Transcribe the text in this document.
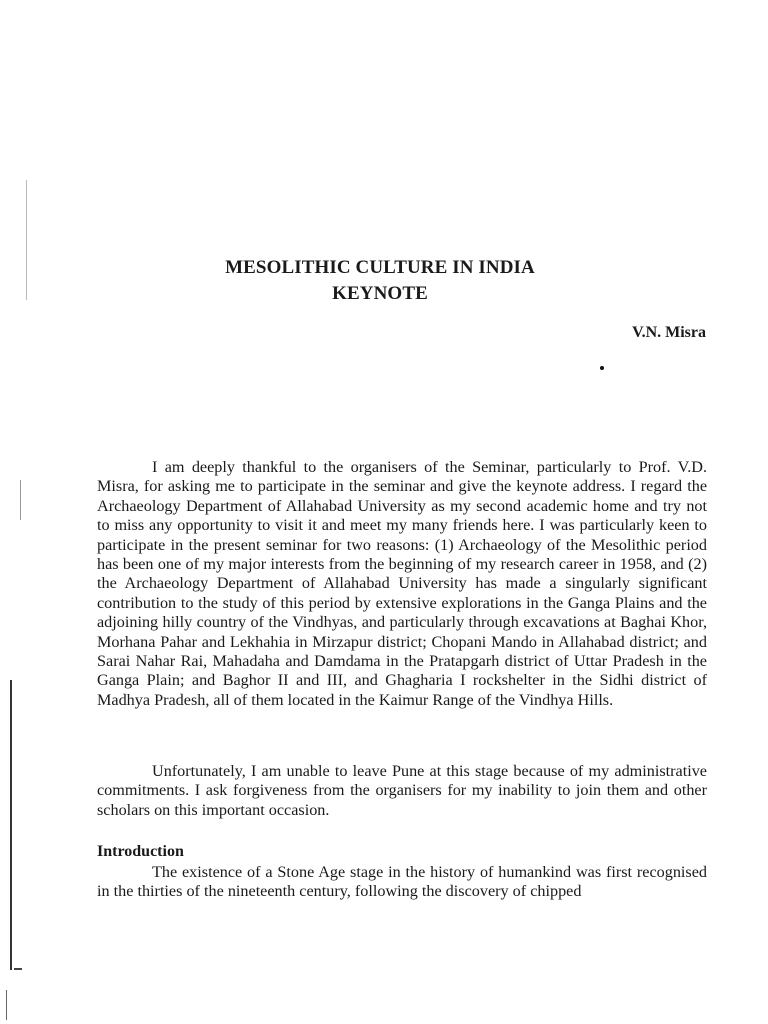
MESOLITHIC CULTURE IN INDIA
KEYNOTE
V.N. Misra

I am deeply thankful to the organisers of the Seminar, particularly to Prof. V.D. Misra, for asking me to participate in the seminar and give the keynote address. I regard the Archaeology Department of Allahabad University as my second academic home and try not to miss any opportunity to visit it and meet my many friends here. I was particularly keen to participate in the present seminar for two reasons: (1) Archaeology of the Mesolithic period has been one of my major interests from the beginning of my research career in 1958, and (2) the Archaeology Department of Allahabad University has made a singularly significant contribution to the study of this period by extensive explorations in the Ganga Plains and the adjoining hilly country of the Vindhyas, and particularly through excavations at Baghai Khor, Morhana Pahar and Lekhahia in Mirzapur district; Chopani Mando in Allahabad district; and Sarai Nahar Rai, Mahadaha and Damdama in the Pratapgarh district of Uttar Pradesh in the Ganga Plain; and Baghor II and III, and Ghagharia I rockshelter in the Sidhi district of Madhya Pradesh, all of them located in the Kaimur Range of the Vindhya Hills.

Unfortunately, I am unable to leave Pune at this stage because of my administrative commitments. I ask forgiveness from the organisers for my inability to join them and other scholars on this important occasion.

Introduction

The existence of a Stone Age stage in the history of humankind was first recognised in the thirties of the nineteenth century, following the discovery of chipped
